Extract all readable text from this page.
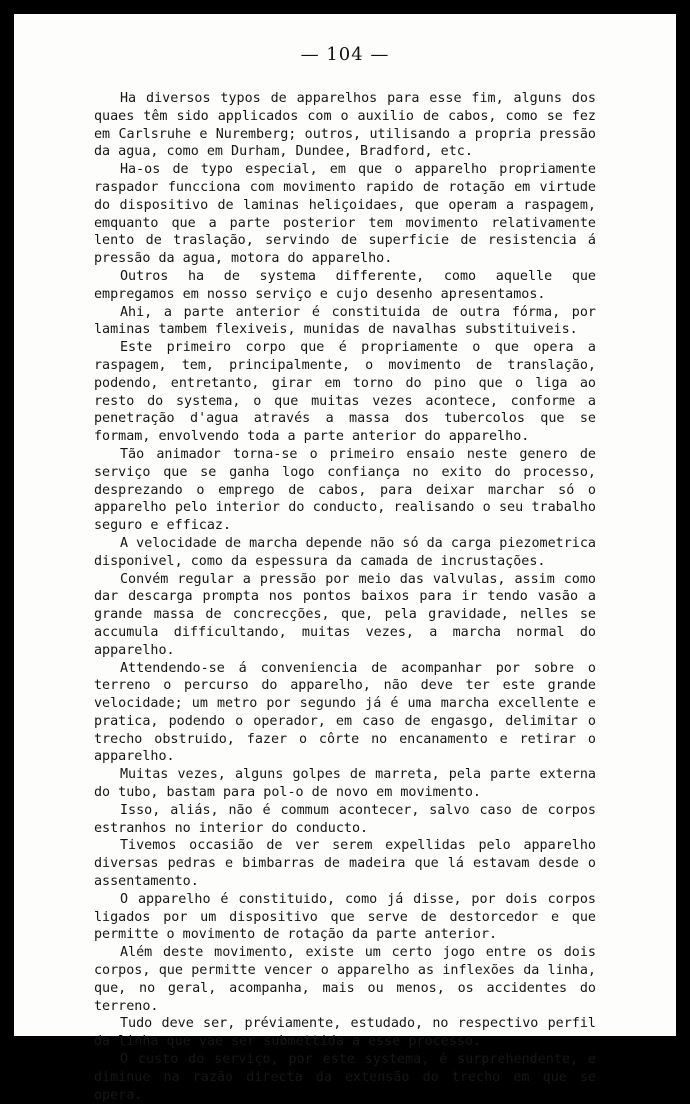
— 104 —

Ha diversos typos de apparelhos para esse fim, alguns dos quaes têm sido applicados com o auxilio de cabos, como se fez em Carlsruhe e Nuremberg; outros, utilisando a propria pressão da agua, como em Durham, Dundee, Bradford, etc.

Ha-os de typo especial, em que o apparelho propriamente raspador funcciona com movimento rapido de rotação em virtude do dispositivo de laminas heliçoidaes, que operam a raspagem, emquanto que a parte posterior tem movimento relativamente lento de traslação, servindo de superficie de resistencia á pressão da agua, motora do apparelho.

Outros ha de systema differente, como aquelle que empregamos em nosso serviço e cujo desenho apresentamos.

Ahi, a parte anterior é constituida de outra fórma, por laminas tambem flexiveis, munidas de navalhas substituiveis.

Este primeiro corpo que é propriamente o que opera a raspagem, tem, principalmente, o movimento de translação, podendo, entretanto, girar em torno do pino que o liga ao resto do systema, o que muitas vezes acontece, conforme a penetração d'agua através a massa dos tubercolos que se formam, envolvendo toda a parte anterior do apparelho.

Tão animador torna-se o primeiro ensaio neste genero de serviço que se ganha logo confiança no exito do processo, desprezando o emprego de cabos, para deixar marchar só o apparelho pelo interior do conducto, realisando o seu trabalho seguro e efficaz.

A velocidade de marcha depende não só da carga piezometrica disponivel, como da espessura da camada de incrustações.

Convém regular a pressão por meio das valvulas, assim como dar descarga prompta nos pontos baixos para ir tendo vasão a grande massa de concrecções, que, pela gravidade, nelles se accumula difficultando, muitas vezes, a marcha normal do apparelho.

Attendendo-se á conveniencia de acompanhar por sobre o terreno o percurso do apparelho, não deve ter este grande velocidade; um metro por segundo já é uma marcha excellente e pratica, podendo o operador, em caso de engasgo, delimitar o trecho obstruido, fazer o côrte no encanamento e retirar o apparelho.

Muitas vezes, alguns golpes de marreta, pela parte externa do tubo, bastam para pol-o de novo em movimento.

Isso, aliás, não é commum acontecer, salvo caso de corpos estranhos no interior do conducto.

Tivemos occasião de ver serem expellidas pelo apparelho diversas pedras e bimbarras de madeira que lá estavam desde o assentamento.

O apparelho é constituido, como já disse, por dois corpos ligados por um dispositivo que serve de destorcedor e que permitte o movimento de rotação da parte anterior.

Além deste movimento, existe um certo jogo entre os dois corpos, que permitte vencer o apparelho as inflexões da linha, que, no geral, acompanha, mais ou menos, os accidentes do terreno.

Tudo deve ser, préviamente, estudado, no respectivo perfil da linha que vae ser submettida a esse processo.

O custo do serviço, por este systema, é surprehendente, e diminue na razão directa da extensão do trecho em que se opera.
